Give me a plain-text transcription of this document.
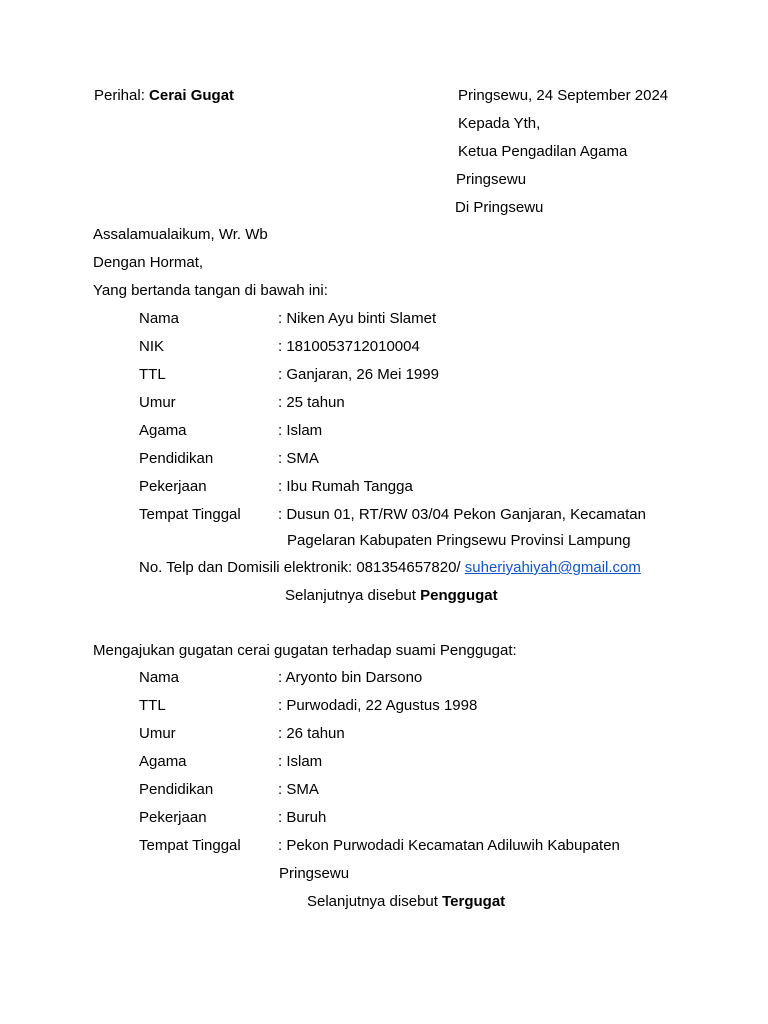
Perihal: Cerai Gugat	Pringsewu, 24 September 2024
Kepada Yth,
Ketua Pengadilan Agama
Pringsewu
Di Pringsewu
Assalamualaikum, Wr. Wb
Dengan Hormat,
Yang bertanda tangan di bawah ini:
Nama	: Niken Ayu binti Slamet
NIK	: 1810053712010004
TTL	: Ganjaran, 26 Mei 1999
Umur	: 25 tahun
Agama	: Islam
Pendidikan	: SMA
Pekerjaan	: Ibu Rumah Tangga
Tempat Tinggal : Dusun 01, RT/RW 03/04 Pekon Ganjaran, Kecamatan
Pagelaran Kabupaten Pringsewu Provinsi Lampung
No. Telp dan Domisili elektronik: 081354657820/ suheriyahiyah@gmail.com
Selanjutnya disebut Penggugat
Mengajukan gugatan cerai gugatan terhadap suami Penggugat:
Nama	: Aryonto bin Darsono
TTL	: Purwodadi, 22 Agustus 1998
Umur	: 26 tahun
Agama	: Islam
Pendidikan	: SMA
Pekerjaan	: Buruh
Tempat Tinggal : Pekon Purwodadi Kecamatan Adiluwih Kabupaten
Pringsewu
Selanjutnya disebut Tergugat
